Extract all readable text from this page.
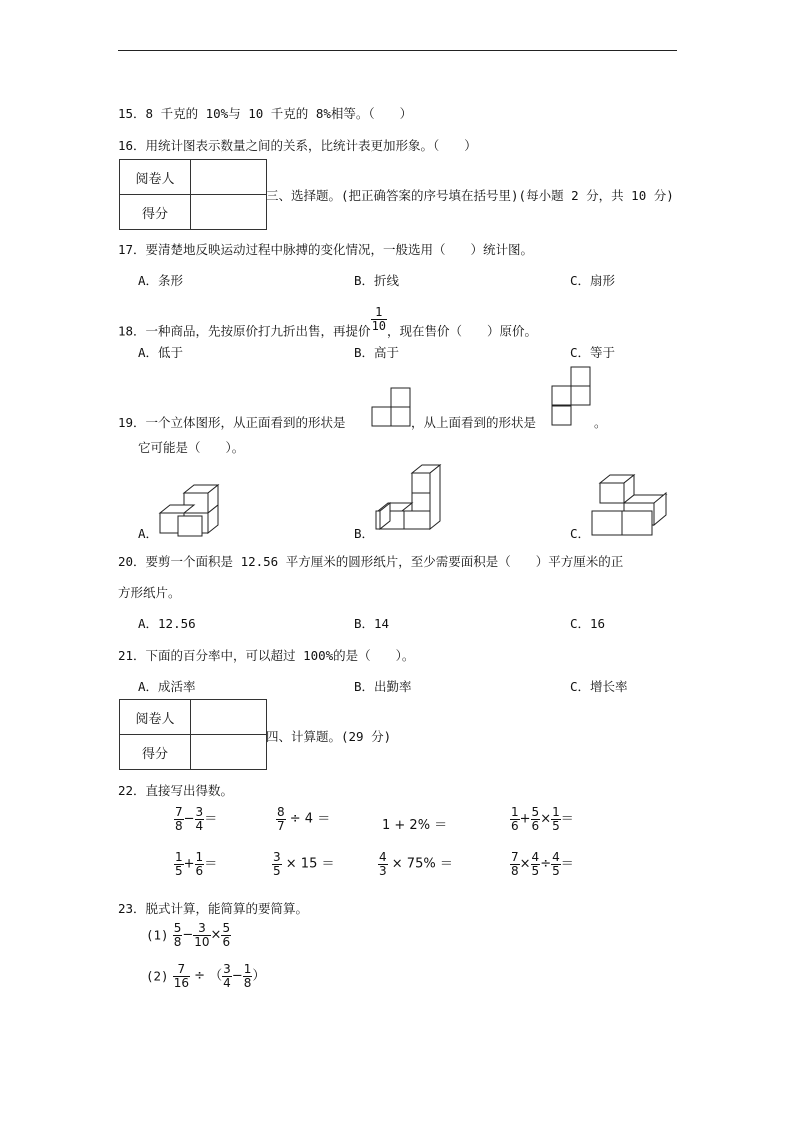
15．8 千克的 10%与 10 千克的 8%相等。（　　）
16．用统计图表示数量之间的关系，比统计表更加形象。（　　）
阅卷人	
得分	
三、选择题。(把正确答案的序号填在括号里)(每小题 2 分，共 10 分)
17．要清楚地反映运动过程中脉搏的变化情况，一般选用（　　）统计图。
A．条形	B．折线	C．扇形
18．一种商品，先按原价打九折出售，再提价 $\frac{1}{10}$ ，现在售价（　　）原价。
A．低于	B．高于	C．等于
19．一个立体图形，从正面看到的形状是	，从上面看到的形状是	。
它可能是（　　）。
A．	B．	C．
20．要剪一个面积是 12.56 平方厘米的圆形纸片，至少需要面积是（　　）平方厘米的正
方形纸片。
A．12.56	B．14	C．16
21．下面的百分率中，可以超过 100%的是（　　）。
A．成活率	B．出勤率	C．增长率
阅卷人	
得分	
四、计算题。(29 分)
22．直接写出得数。
$\frac{7}{8} - \frac{3}{4}$ ＝	$\frac{8}{7} \div 4$ ＝	1 + 2% ＝	$\frac{1}{6} + \frac{5}{6} \times \frac{1}{5}$ ＝
$\frac{1}{5} + \frac{1}{6}$ ＝	$\frac{3}{5} \times 15$ ＝	$\frac{4}{3} \times 75\%$ ＝	$\frac{7}{8} \times \frac{4}{5} \div \frac{4}{5}$ ＝
23．脱式计算，能简算的要简算。
$(1) \frac{5}{8} - \frac{3}{10} \times \frac{5}{6}$
$(2) \frac{7}{16}$ ÷ （ $\frac{3}{4} - \frac{1}{8}$ ）
